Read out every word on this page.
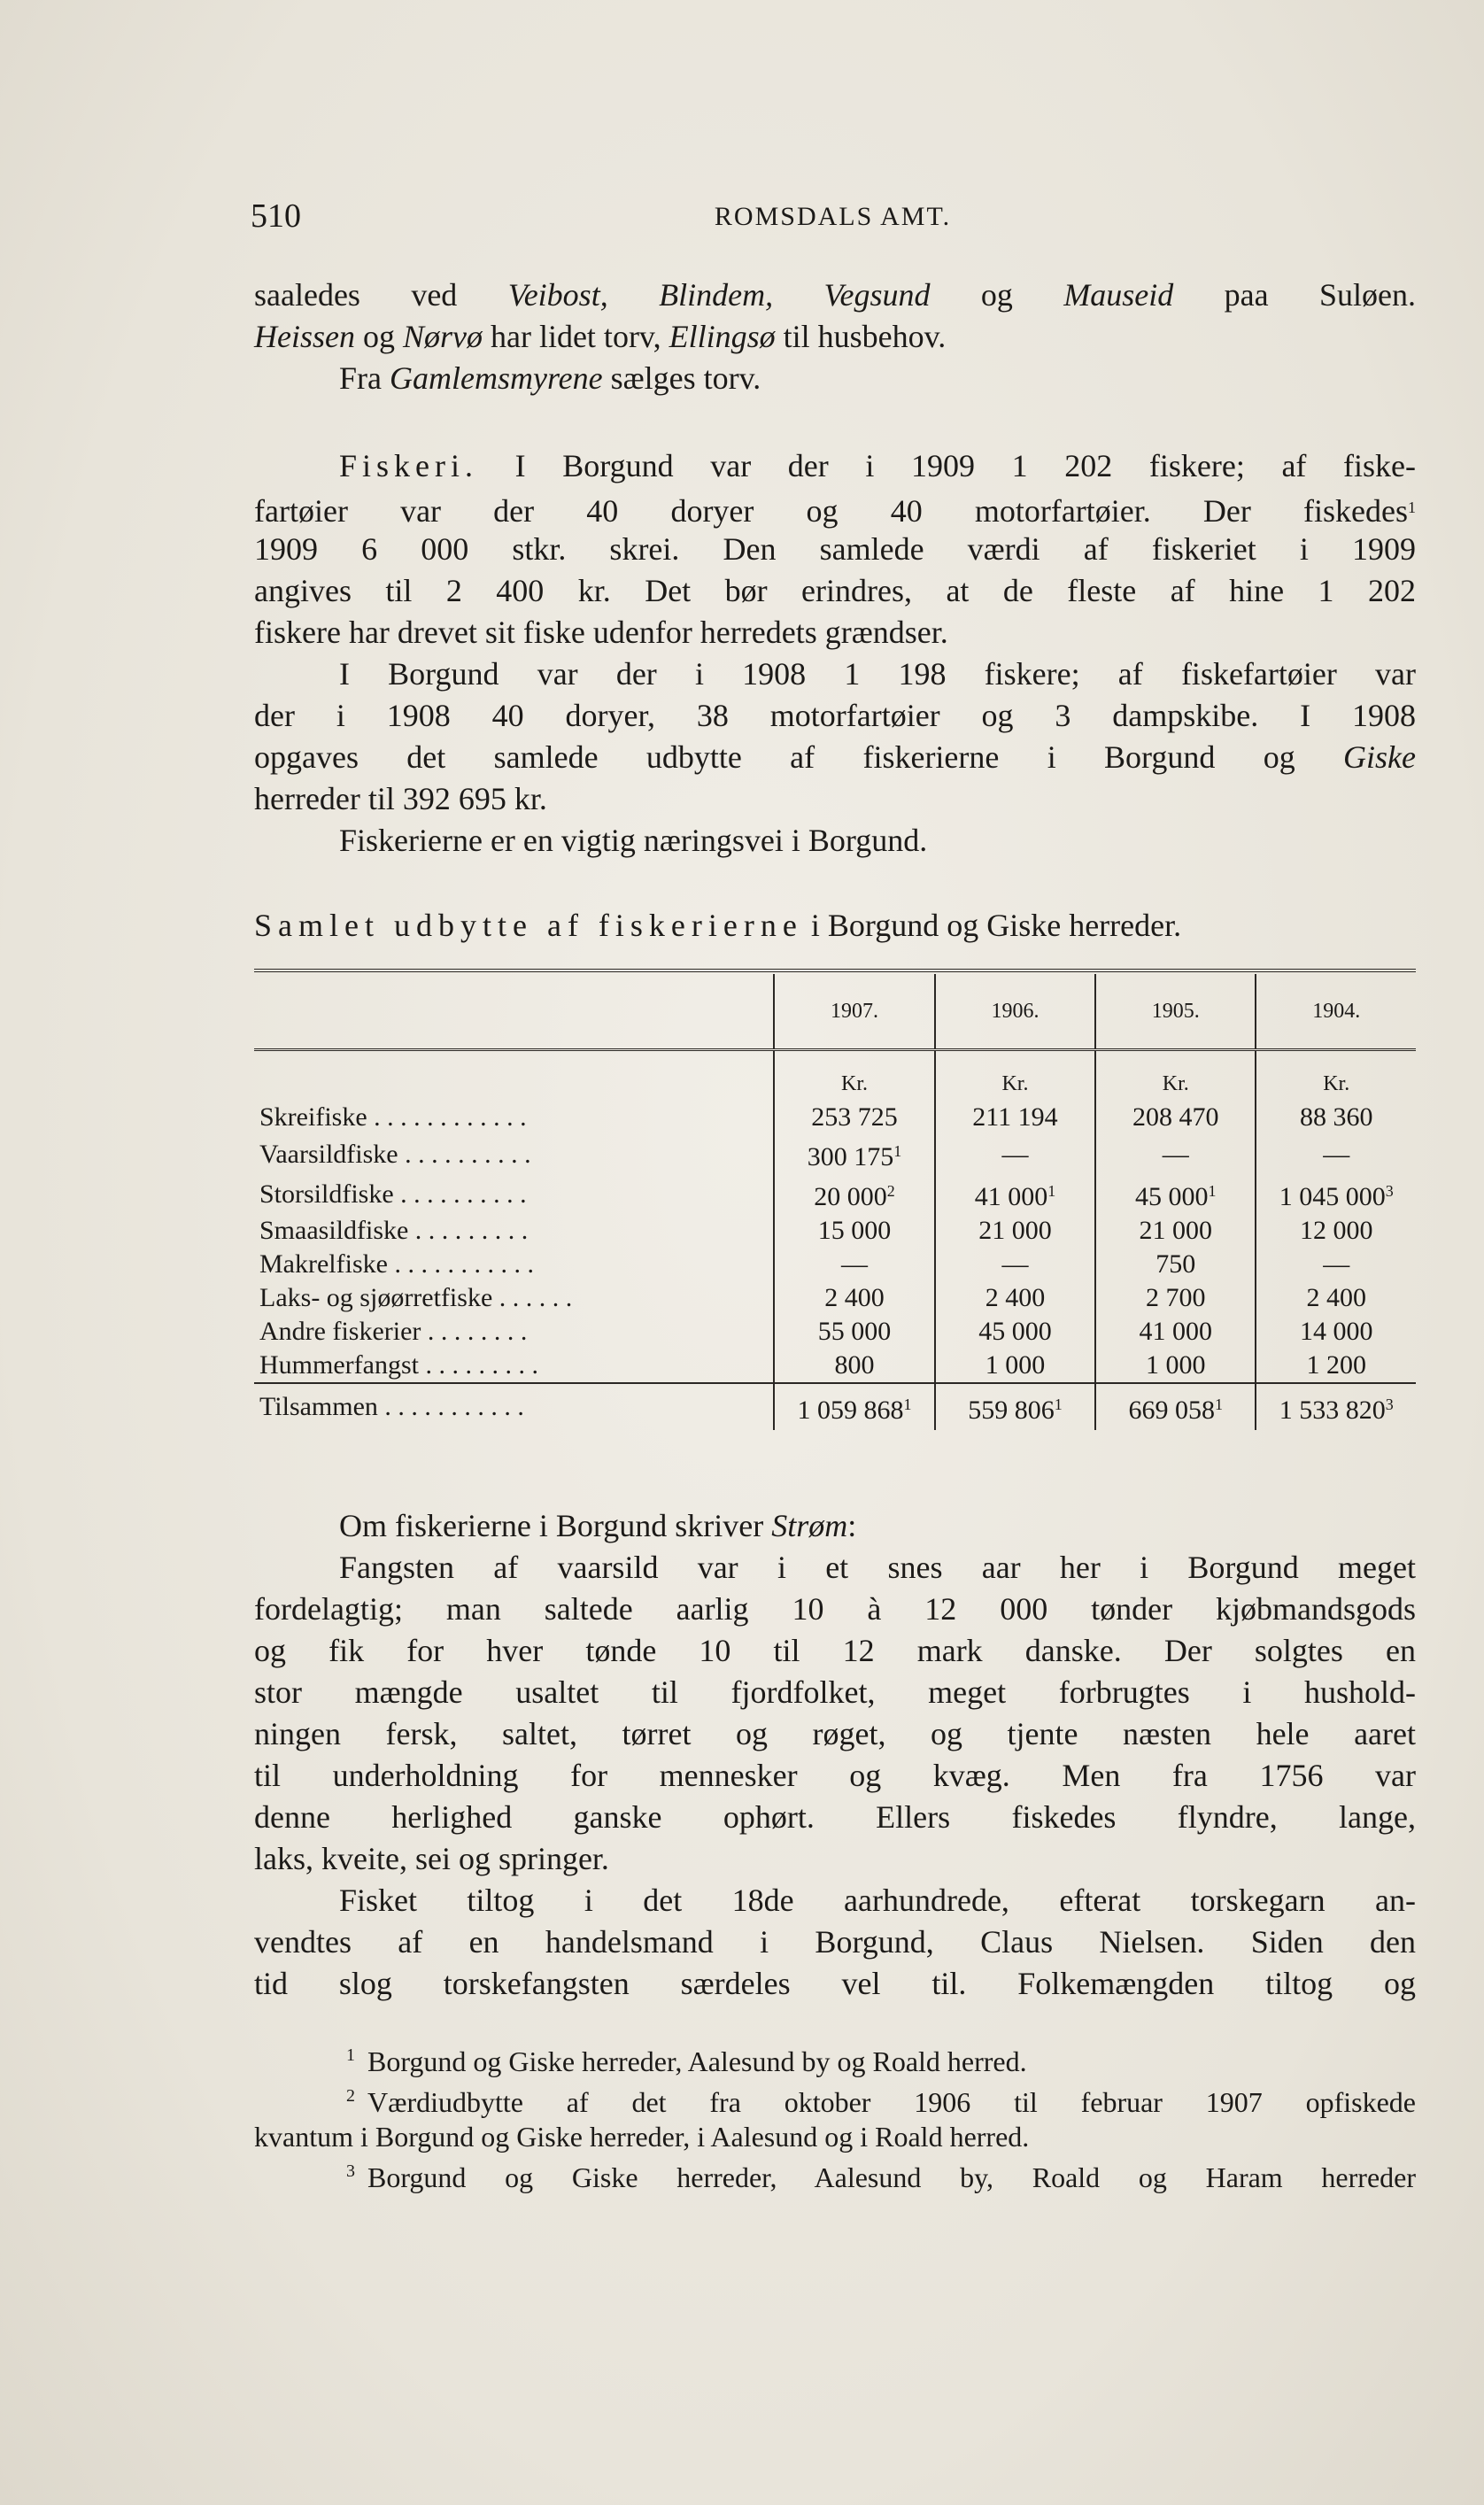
510	ROMSDALS AMT.
saaledes ved Veibost, Blindem, Vegsund og Mauseid paa Suløen.
Heissen og Nørvø har lidet torv, Ellingsø til husbehov.
Fra Gamlemsmyrene sælges torv.
Fiskeri. I Borgund var der i 1909 1 202 fiskere; af fiske-
fartøier var der 40 doryer og 40 motorfartøier. Der fiskedes$^1$
1909 6 000 stkr. skrei. Den samlede værdi af fiskeriet i 1909
angives til 2 400 kr. Det bør erindres, at de fleste af hine 1 202
fiskere har drevet sit fiske udenfor herredets grændser.
I Borgund var der i 1908 1 198 fiskere; af fiskefartøier var
der i 1908 40 doryer, 38 motorfartøier og 3 dampskibe. I 1908
opgaves det samlede udbytte af fiskerierne i Borgund og Giske
herreder til 392 695 kr.
Fiskerierne er en vigtig næringsvei i Borgund.
Samlet udbytte af fiskerierne i Borgund og Giske herreder.
	1907.	1906.	1905.	1904.
	Kr.	Kr.	Kr.	Kr.
Skreifiske . . . . . . . . . . . .	253 725	211 194	208 470	88 360
Vaarsildfiske . . . . . . . . . .	300 $175^1$	—	—	—
Storsildfiske . . . . . . . . . .	20 $000^2$	41 $000^1$	45 $000^1$	1 045 $000^3$
Smaasildfiske . . . . . . . . .	15 000	21 000	21 000	12 000
Makrelfiske . . . . . . . . . . .	—	—	750	—
Laks- og sjøørretfiske . . . . . .	2 400	2 400	2 700	2 400
Andre fiskerier . . . . . . . .	55 000	45 000	41 000	14 000
Hummerfangst . . . . . . . . .	800	1 000	1 000	1 200
Tilsammen . . . . . . . . . . .	1 059 $868^1$	559 $806^1$	669 $058^1$	1 533 $820^3$
Om fiskerierne i Borgund skriver Strøm:
Fangsten af vaarsild var i et snes aar her i Borgund meget
fordelagtig; man saltede aarlig 10 à 12 000 tønder kjøbmandsgods
og fik for hver tønde 10 til 12 mark danske. Der solgtes en
stor mængde usaltet til fjordfolket, meget forbrugtes i hushold-
ningen fersk, saltet, tørret og røget, og tjente næsten hele aaret
til underholdning for mennesker og kvæg. Men fra 1756 var
denne herlighed ganske ophørt. Ellers fiskedes flyndre, lange,
laks, kveite, sei og springer.
Fisket tiltog i det 18de aarhundrede, efterat torskegarn an-
vendtes af en handelsmand i Borgund, Claus Nielsen. Siden den
tid slog torskefangsten særdeles vel til. Folkemængden tiltog og
$^1$ Borgund og Giske herreder, Aalesund by og Roald herred.
$^2$ Værdiudbytte af det fra oktober 1906 til februar 1907 opfiskede
kvantum i Borgund og Giske herreder, i Aalesund og i Roald herred.
$^3$ Borgund og Giske herreder, Aalesund by, Roald og Haram herreder
